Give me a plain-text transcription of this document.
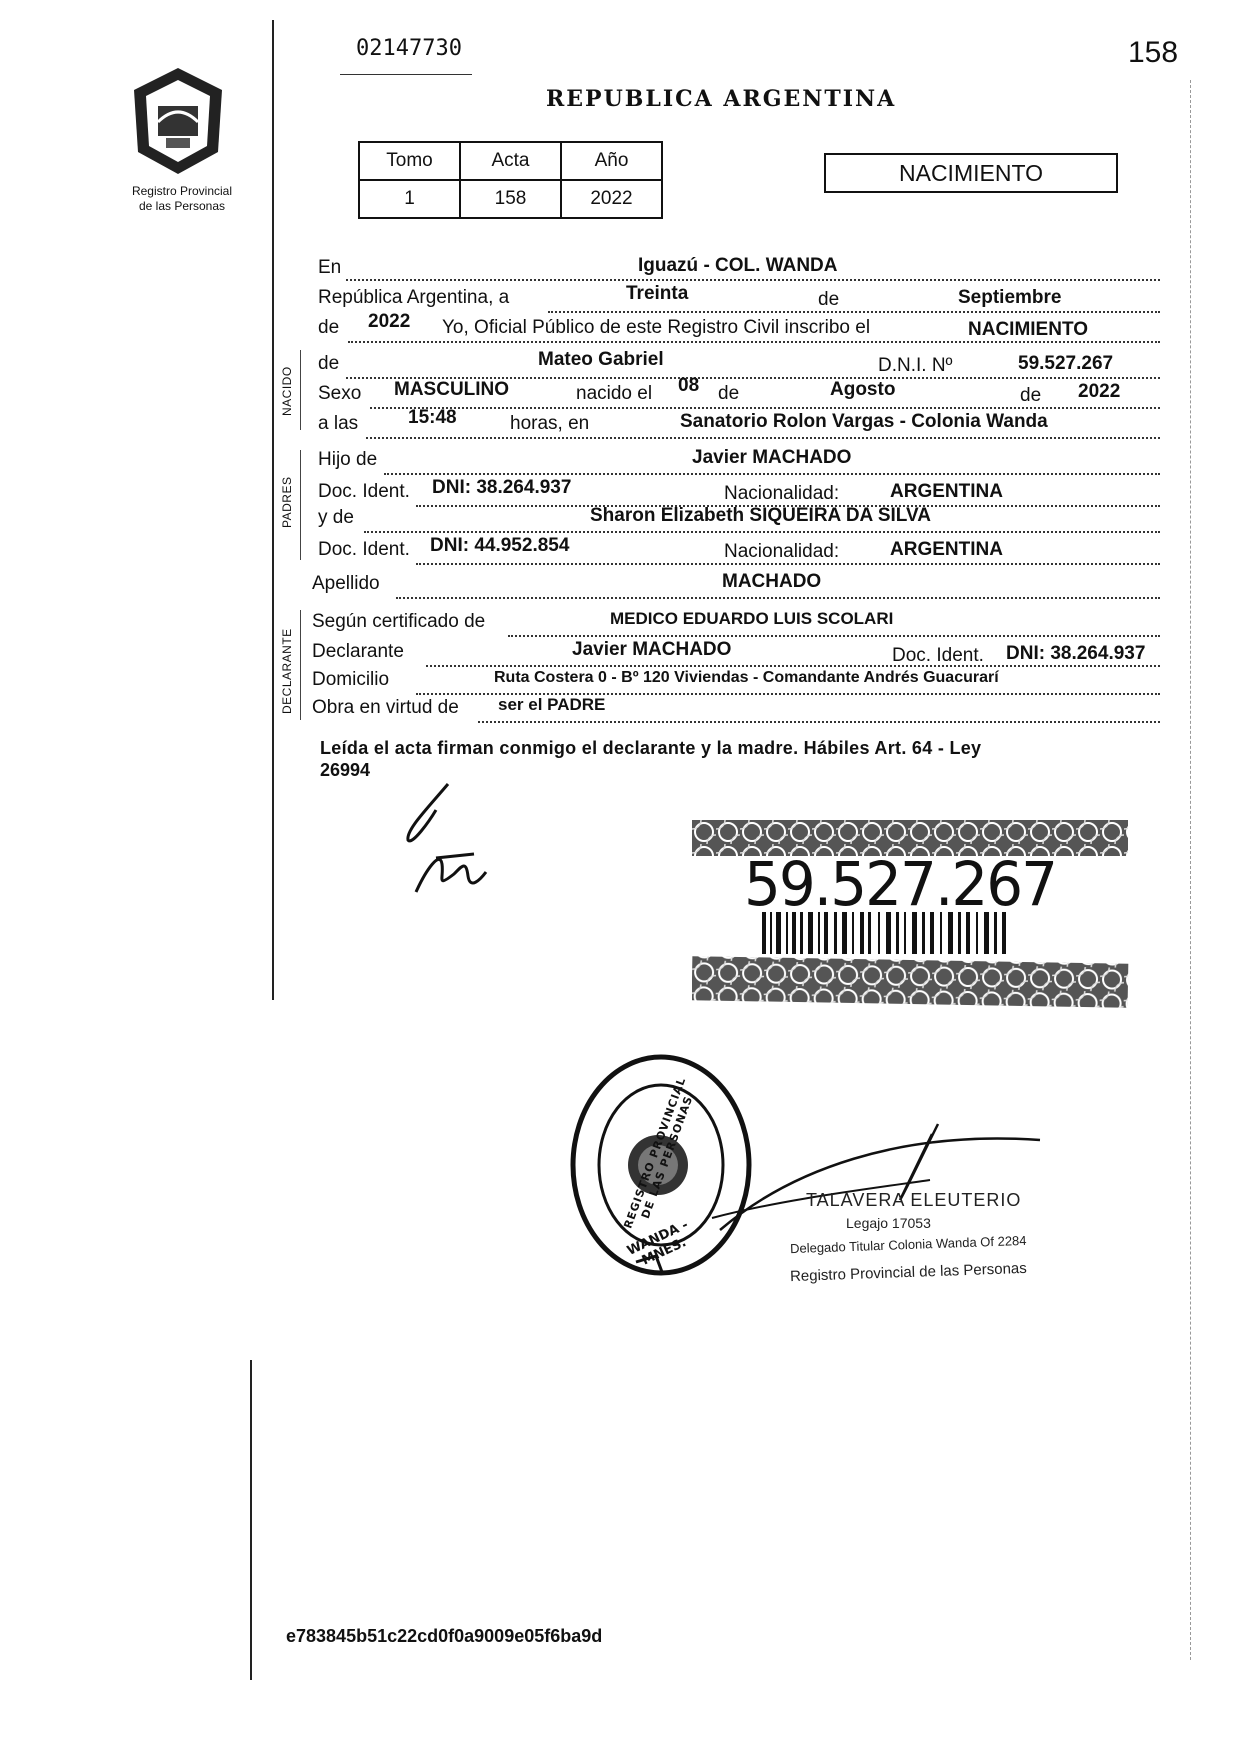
Registro Provincial
de las Personas
02147730	158
REPUBLICA ARGENTINA
Tomo	Acta	Año
1	158	2022
NACIMIENTO
NACIDO
PADRES
DECLARANTE
En	Iguazú - COL. WANDA
República Argentina, a	Treinta	de	Septiembre
de 2022 Yo, Oficial Público de este Registro Civil inscribo el	NACIMIENTO
de	Mateo Gabriel	D.N.I. Nº	59.527.267
Sexo MASCULINO	nacido el 08 de	Agosto	de 2022
a las	15:48	horas, en	Sanatorio Rolon Vargas - Colonia Wanda
Hijo de	Javier MACHADO
Doc. Ident. DNI: 38.264.937	Nacionalidad:	ARGENTINA
y de	Sharon Elizabeth SIQUEIRA DA SILVA
Doc. Ident. DNI: 44.952.854	Nacionalidad:	ARGENTINA
Apellido	MACHADO
Según certificado de	MEDICO EDUARDO LUIS SCOLARI
Declarante	Javier MACHADO	Doc. Ident. DNI: 38.264.937
Domicilio	Ruta Costera 0 - Bº 120 Viviendas - Comandante Andrés Guacurarí
Obra en virtud de ser el PADRE
Leída el acta firman conmigo el declarante y la madre. Hábiles Art. 64 - Ley
26994
59.527.267
REGISTRO PROVINCIAL DE LAS PERSONAS
WANDA - MNES.
TALAVERA ELEUTERIO
Legajo 17053
Delegado Titular Colonia Wanda Of 2284
Registro Provincial de las Personas
e783845b51c22cd0f0a9009e05f6ba9d
